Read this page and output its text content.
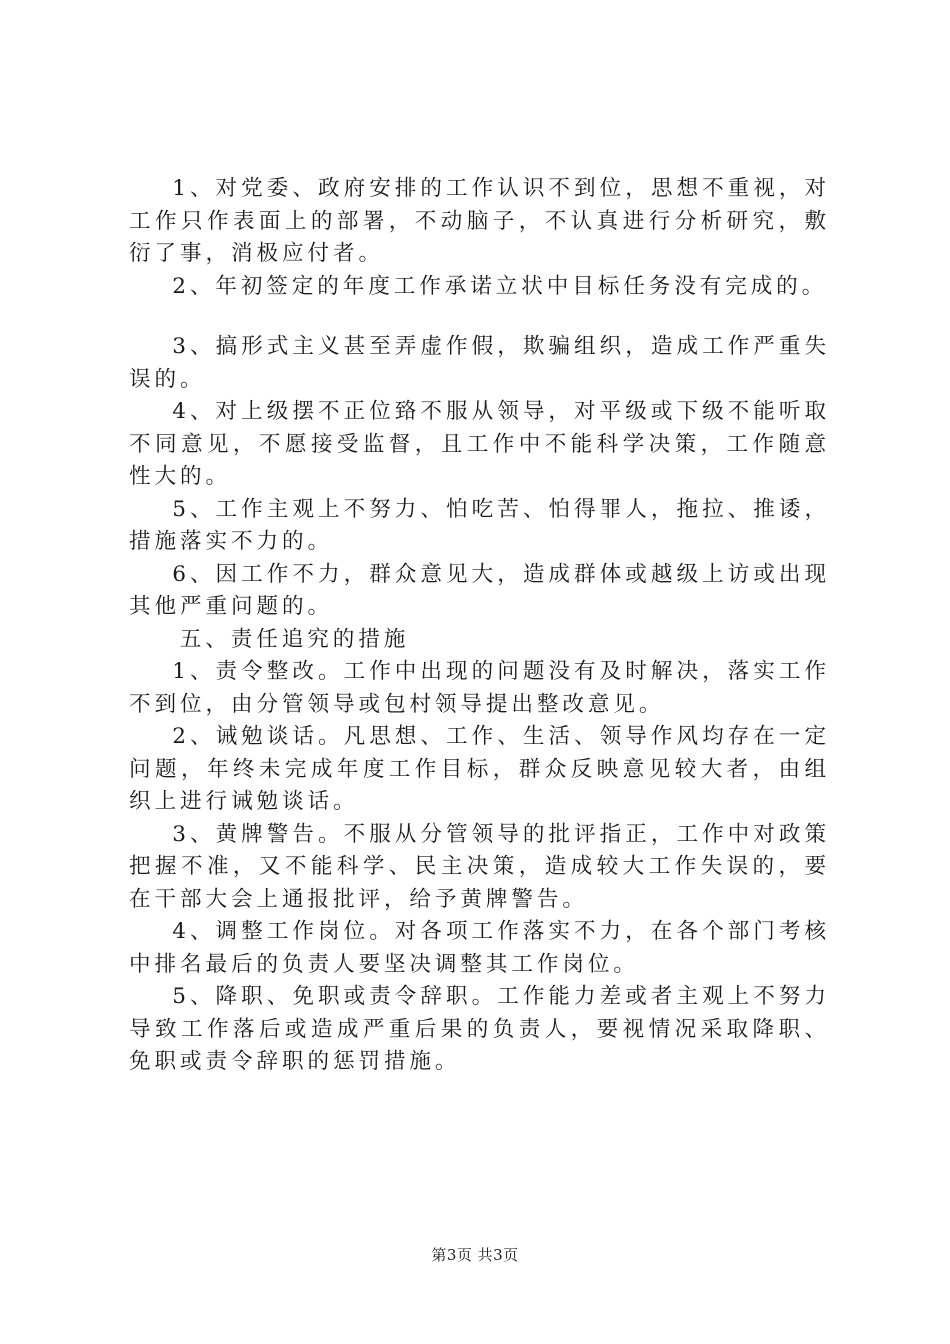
1、对党委、政府安排的工作认识不到位，思想不重视，对工作只作表面上的部署，不动脑子，不认真进行分析研究，敷衍了事，消极应付者。

2、年初签定的年度工作承诺立状中目标任务没有完成的。

3、搞形式主义甚至弄虚作假，欺骗组织，造成工作严重失误的。

4、对上级摆不正位臵不服从领导，对平级或下级不能听取不同意见，不愿接受监督，且工作中不能科学决策，工作随意性大的。

5、工作主观上不努力、怕吃苦、怕得罪人，拖拉、推诿，措施落实不力的。

6、因工作不力，群众意见大，造成群体或越级上访或出现其他严重问题的。

五、责任追究的措施

1、责令整改。工作中出现的问题没有及时解决，落实工作不到位，由分管领导或包村领导提出整改意见。

2、诫勉谈话。凡思想、工作、生活、领导作风均存在一定问题，年终未完成年度工作目标，群众反映意见较大者，由组织上进行诫勉谈话。

3、黄牌警告。不服从分管领导的批评指正，工作中对政策把握不准，又不能科学、民主决策，造成较大工作失误的，要在干部大会上通报批评，给予黄牌警告。

4、调整工作岗位。对各项工作落实不力，在各个部门考核中排名最后的负责人要坚决调整其工作岗位。

5、降职、免职或责令辞职。工作能力差或者主观上不努力导致工作落后或造成严重后果的负责人，要视情况采取降职、免职或责令辞职的惩罚措施。

第3页 共3页
